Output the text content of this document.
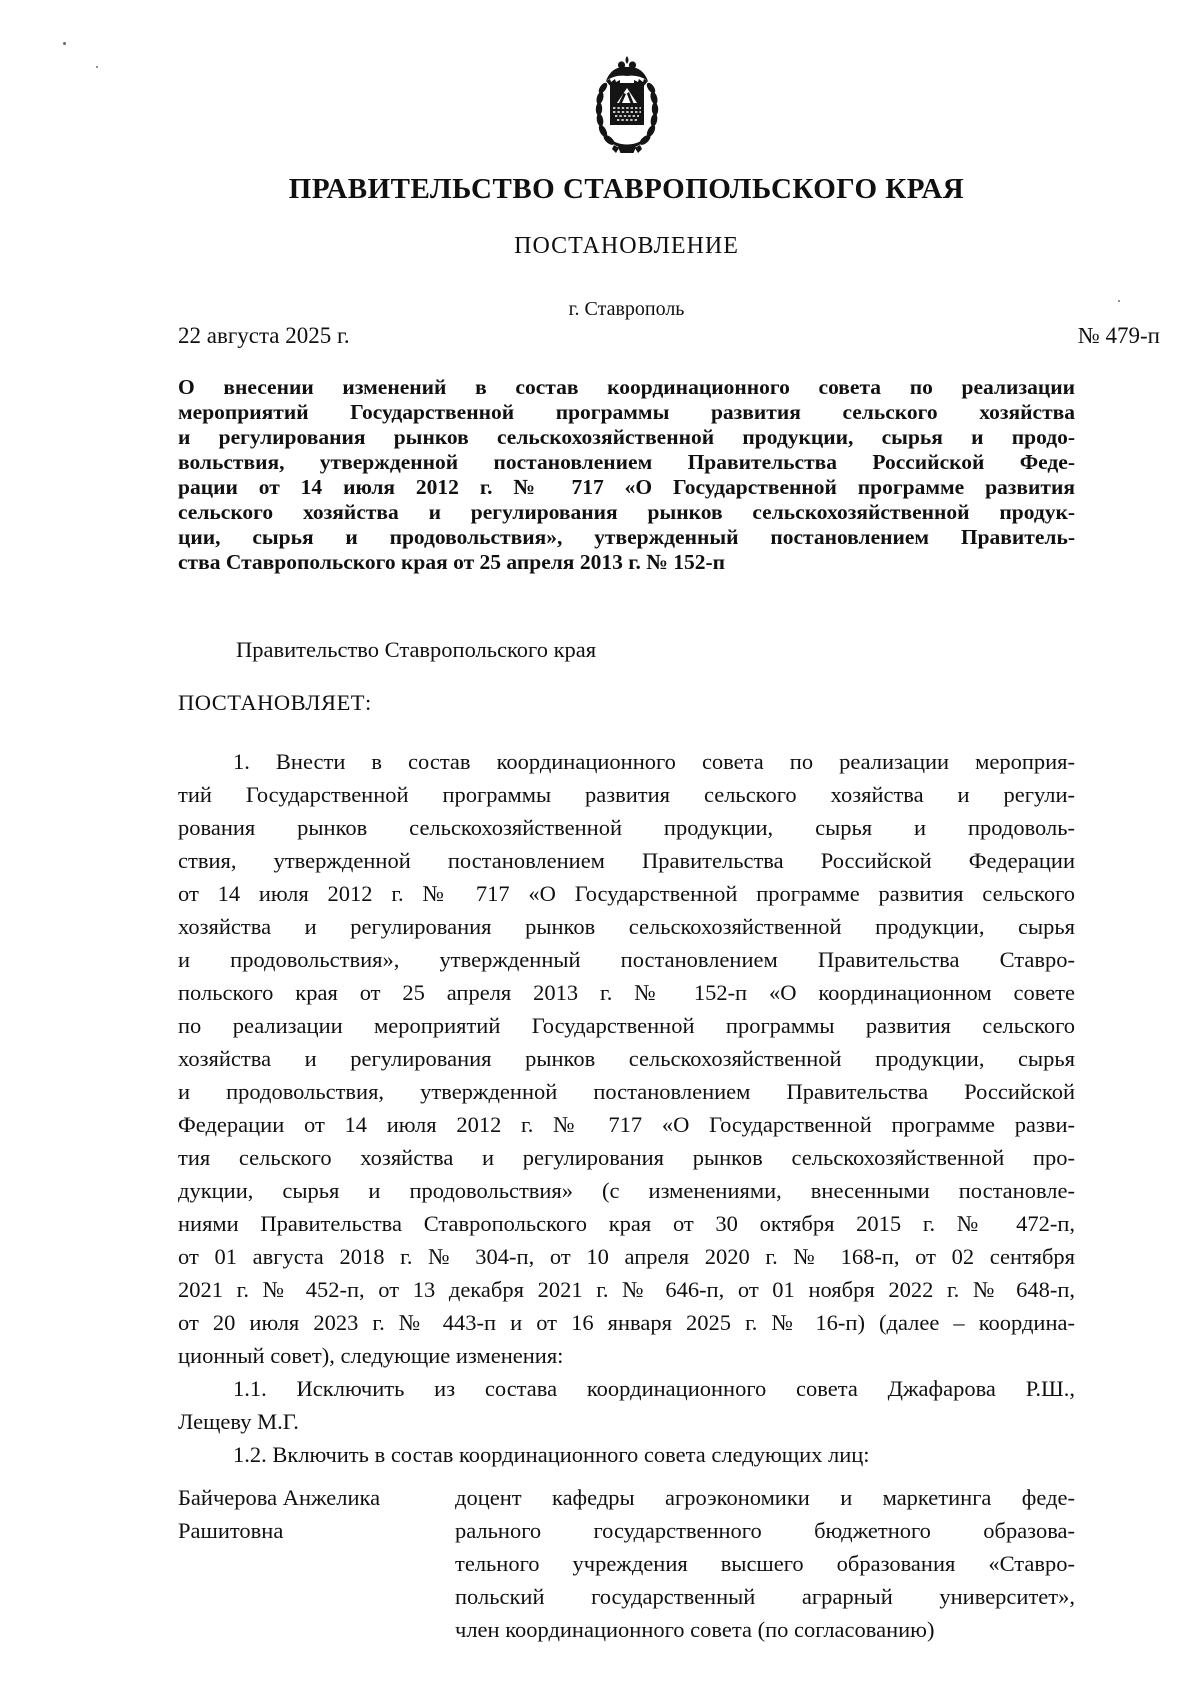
ПРАВИТЕЛЬСТВО СТАВРОПОЛЬСКОГО КРАЯ
ПОСТАНОВЛЕНИЕ
г. Ставрополь
22 августа 2025 г.	№ 479-п
О внесении изменений в состав координационного совета по реализации
мероприятий Государственной программы развития сельского хозяйства
и регулирования рынков сельскохозяйственной продукции, сырья и продо-
вольствия, утвержденной постановлением Правительства Российской Феде-
рации от 14 июля 2012 г. № 717 «О Государственной программе развития
сельского хозяйства и регулирования рынков сельскохозяйственной продук-
ции, сырья и продовольствия», утвержденный постановлением Правитель-
ства Ставропольского края от 25 апреля 2013 г. № 152-п
Правительство Ставропольского края
ПОСТАНОВЛЯЕТ:
1. Внести в состав координационного совета по реализации мероприя-
тий Государственной программы развития сельского хозяйства и регули-
рования рынков сельскохозяйственной продукции, сырья и продоволь-
ствия, утвержденной постановлением Правительства Российской Федерации
от 14 июля 2012 г. № 717 «О Государственной программе развития сельского
хозяйства и регулирования рынков сельскохозяйственной продукции, сырья
и продовольствия», утвержденный постановлением Правительства Ставро-
польского края от 25 апреля 2013 г. № 152-п «О координационном совете
по реализации мероприятий Государственной программы развития сельского
хозяйства и регулирования рынков сельскохозяйственной продукции, сырья
и продовольствия, утвержденной постановлением Правительства Российской
Федерации от 14 июля 2012 г. № 717 «О Государственной программе разви-
тия сельского хозяйства и регулирования рынков сельскохозяйственной про-
дукции, сырья и продовольствия» (с изменениями, внесенными постановле-
ниями Правительства Ставропольского края от 30 октября 2015 г. № 472-п,
от 01 августа 2018 г. № 304-п, от 10 апреля 2020 г. № 168-п, от 02 сентября
2021 г. № 452-п, от 13 декабря 2021 г. № 646-п, от 01 ноября 2022 г. № 648-п,
от 20 июля 2023 г. № 443-п и от 16 января 2025 г. № 16-п) (далее – координа-
ционный совет), следующие изменения:
1.1. Исключить из состава координационного совета Джафарова Р.Ш.,
Лещеву М.Г.
1.2. Включить в состав координационного совета следующих лиц:
Байчерова Анжелика
Рашитовна
доцент кафедры агроэкономики и маркетинга феде-
рального государственного бюджетного образова-
тельного учреждения высшего образования «Ставро-
польский государственный аграрный университет»,
член координационного совета (по согласованию)
